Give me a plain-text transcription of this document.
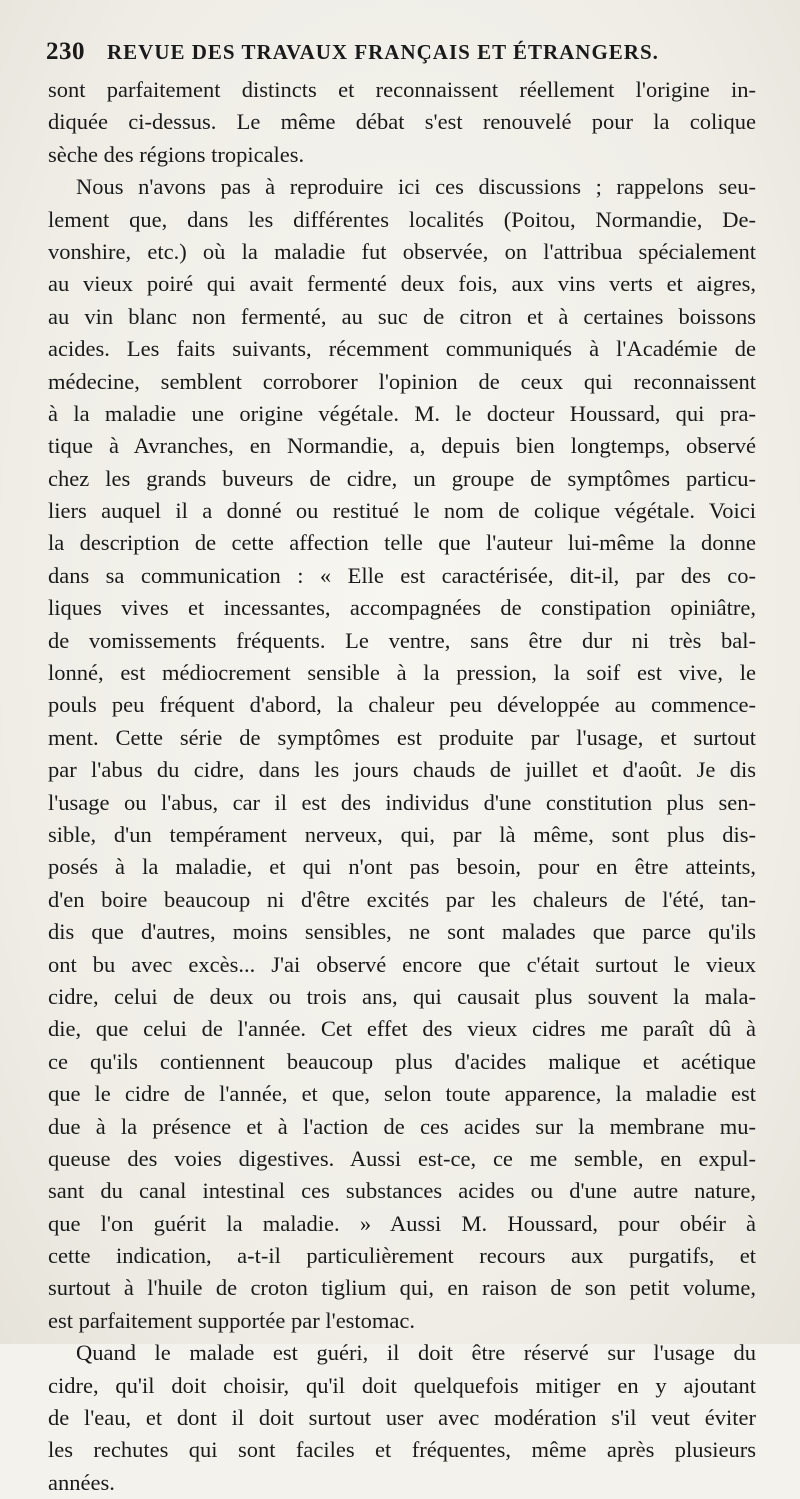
230 REVUE DES TRAVAUX FRANÇAIS ET ÉTRANGERS.
sont parfaitement distincts et reconnaissent réellement l'origine in-
diquée ci-dessus. Le même débat s'est renouvelé pour la colique
sèche des régions tropicales.
Nous n'avons pas à reproduire ici ces discussions ; rappelons seu-
lement que, dans les différentes localités (Poitou, Normandie, De-
vonshire, etc.) où la maladie fut observée, on l'attribua spécialement
au vieux poiré qui avait fermenté deux fois, aux vins verts et aigres,
au vin blanc non fermenté, au suc de citron et à certaines boissons
acides. Les faits suivants, récemment communiqués à l'Académie de
médecine, semblent corroborer l'opinion de ceux qui reconnaissent
à la maladie une origine végétale. M. le docteur Houssard, qui pra-
tique à Avranches, en Normandie, a, depuis bien longtemps, observé
chez les grands buveurs de cidre, un groupe de symptômes particu-
liers auquel il a donné ou restitué le nom de colique végétale. Voici
la description de cette affection telle que l'auteur lui-même la donne
dans sa communication : « Elle est caractérisée, dit-il, par des co-
liques vives et incessantes, accompagnées de constipation opiniâtre,
de vomissements fréquents. Le ventre, sans être dur ni très bal-
lonné, est médiocrement sensible à la pression, la soif est vive, le
pouls peu fréquent d'abord, la chaleur peu développée au commence-
ment. Cette série de symptômes est produite par l'usage, et surtout
par l'abus du cidre, dans les jours chauds de juillet et d'août. Je dis
l'usage ou l'abus, car il est des individus d'une constitution plus sen-
sible, d'un tempérament nerveux, qui, par là même, sont plus dis-
posés à la maladie, et qui n'ont pas besoin, pour en être atteints,
d'en boire beaucoup ni d'être excités par les chaleurs de l'été, tan-
dis que d'autres, moins sensibles, ne sont malades que parce qu'ils
ont bu avec excès... J'ai observé encore que c'était surtout le vieux
cidre, celui de deux ou trois ans, qui causait plus souvent la mala-
die, que celui de l'année. Cet effet des vieux cidres me paraît dû à
ce qu'ils contiennent beaucoup plus d'acides malique et acétique
que le cidre de l'année, et que, selon toute apparence, la maladie est
due à la présence et à l'action de ces acides sur la membrane mu-
queuse des voies digestives. Aussi est-ce, ce me semble, en expul-
sant du canal intestinal ces substances acides ou d'une autre nature,
que l'on guérit la maladie. » Aussi M. Houssard, pour obéir à
cette indication, a-t-il particulièrement recours aux purgatifs, et
surtout à l'huile de croton tiglium qui, en raison de son petit volume,
est parfaitement supportée par l'estomac.
Quand le malade est guéri, il doit être réservé sur l'usage du
cidre, qu'il doit choisir, qu'il doit quelquefois mitiger en y ajoutant
de l'eau, et dont il doit surtout user avec modération s'il veut éviter
les rechutes qui sont faciles et fréquentes, même après plusieurs
années.
